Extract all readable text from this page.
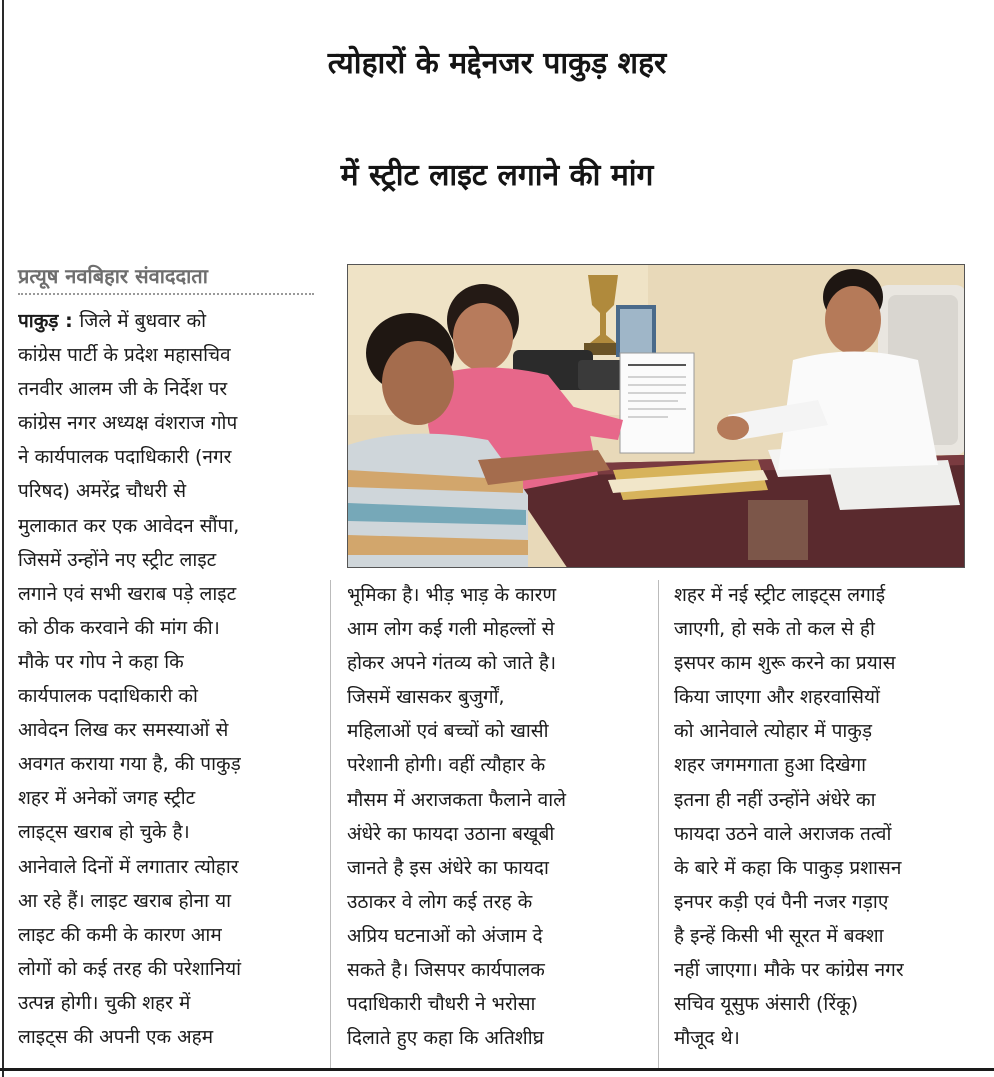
त्योहारों के मद्देनजर पाकुड़ शहर
में स्ट्रीट लाइट लगाने की मांग
प्रत्यूष नवबिहार संवाददाता
पाकुड़ : जिले में बुधवार को
कांग्रेस पार्टी के प्रदेश महासचिव
तनवीर आलम जी के निर्देश पर
कांग्रेस नगर अध्यक्ष वंशराज गोप
ने कार्यपालक पदाधिकारी (नगर
परिषद) अमरेंद्र चौधरी से
मुलाकात कर एक आवेदन सौंपा,
जिसमें उन्होंने नए स्ट्रीट लाइट
लगाने एवं सभी खराब पड़े लाइट
को ठीक करवाने की मांग की।
मौके पर गोप ने कहा कि
कार्यपालक पदाधिकारी को
आवेदन लिख कर समस्याओं से
अवगत कराया गया है, की पाकुड़
शहर में अनेकों जगह स्ट्रीट
लाइट्स खराब हो चुके है।
आनेवाले दिनों में लगातार त्योहार
आ रहे हैं। लाइट खराब होना या
लाइट की कमी के कारण आम
लोगों को कई तरह की परेशानियां
उत्पन्न होगी। चुकी शहर में
लाइट्स की अपनी एक अहम
भूमिका है। भीड़ भाड़ के कारण
आम लोग कई गली मोहल्लों से
होकर अपने गंतव्य को जाते है।
जिसमें खासकर बुजुर्गों,
महिलाओं एवं बच्चों को खासी
परेशानी होगी। वहीं त्यौहार के
मौसम में अराजकता फैलाने वाले
अंधेरे का फायदा उठाना बखूबी
जानते है इस अंधेरे का फायदा
उठाकर वे लोग कई तरह के
अप्रिय घटनाओं को अंजाम दे
सकते है। जिसपर कार्यपालक
पदाधिकारी चौधरी ने भरोसा
दिलाते हुए कहा कि अतिशीघ्र
शहर में नई स्ट्रीट लाइट्स लगाई
जाएगी, हो सके तो कल से ही
इसपर काम शुरू करने का प्रयास
किया जाएगा और शहरवासियों
को आनेवाले त्योहार में पाकुड़
शहर जगमगाता हुआ दिखेगा
इतना ही नहीं उन्होंने अंधेरे का
फायदा उठने वाले अराजक तत्वों
के बारे में कहा कि पाकुड़ प्रशासन
इनपर कड़ी एवं पैनी नजर गड़ाए
है इन्हें किसी भी सूरत में बक्शा
नहीं जाएगा। मौके पर कांग्रेस नगर
सचिव यूसुफ अंसारी (रिंकू)
मौजूद थे।
